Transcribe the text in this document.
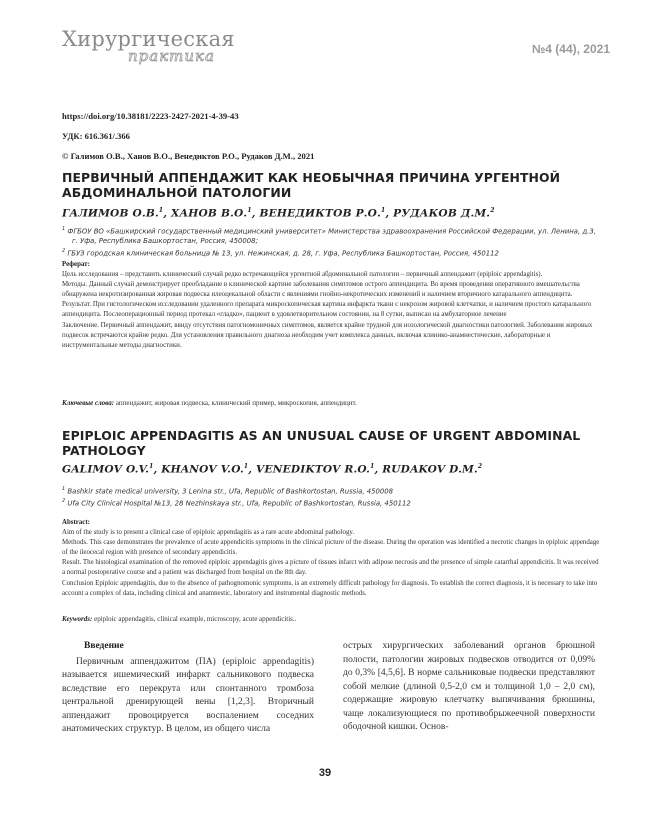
Хирургическая
практика	№4 (44), 2021
https://doi.org/10.38181/2223-2427-2021-4-39-43
УДК: 616.361/.366
© Галимов О.В., Ханов В.О., Венедиктов Р.О., Рудаков Д.М., 2021
ПЕРВИЧНЫЙ АППЕНДАЖИТ КАК НЕОБЫЧНАЯ ПРИЧИНА УРГЕНТНОЙ АБДОМИНАЛЬНОЙ ПАТОЛОГИИ
ГАЛИМОВ О.В.$^1$, ХАНОВ В.О.$^1$, ВЕНЕДИКТОВ Р.О.$^1$, РУДАКОВ Д.М.$^2$

$^1$ ФГБОУ ВО «Башкирский государственный медицинский университет» Министерства здравоохранения Российской Федерации, ул. Ленина, д.3, г. Уфа, Республика Башкортостан, Россия, 450008;

$^2$ ГБУЗ городская клиническая больница № 13, ул. Нежинская, д. 28, г. Уфа, Республика Башкортостан, Россия, 450112

Реферат:

Цель исследования – представить клинический случай редко встречающейся ургентной абдоминальной патологии – первичный аппендажит (epiploic appendagitis).

Методы. Данный случай демонстрирует преобладание в клинической картине заболевания симптомов острого аппендицита. Во время проведения оперативного вмешательства обнаружена некротизированная жировая подвеска илеоцекальной области с явлениями гнойно-некротических изменений и наличием вторичного катарального аппендицита.

Результат. При гистологическом исследовании удаленного препарата микроскопическая картина инфаркта ткани с некрозом жировой клетчатки, и наличием простого катарального аппендицита. Послеоперационный период протекал «гладко», пациент в удовлетворительном состоянии, на 8 сутки, выписан на амбулаторное лечение

Заключение. Первичный аппендажит, ввиду отсутствия патогномоничных симптомов, является крайне трудной для нозологической диагностики патологией. Заболевания жировых подвесок встречаются крайне редко. Для установления правильного диагноза необходим учет комплекса данных, включая клинико-анамнестические, лабораторные и инструментальные методы диагностики.

Ключевые слова: аппендажит, жировая подвеска, клинический пример, микроскопия, аппендицит.
EPIPLOIC APPENDAGITIS AS AN UNUSUAL CAUSE OF URGENT ABDOMINAL PATHOLOGY
GALIMOV O.V.$^1$, KHANOV V.O.$^1$, VENEDIKTOV R.O.$^1$, RUDAKOV D.M.$^2$

$^1$ Bashkir state medical university, 3 Lenina str., Ufa, Republic of Bashkortostan, Russia, 450008

$^2$ Ufa City Clinical Hospital №13, 28 Nezhinskaya str., Ufa, Republic of Bashkortostan, Russia, 450112

Abstract:

Aim of the study is to present a clinical case of epiploic appendagitis as a rare acute abdominal pathology.

Methods. This case demonstrates the prevalence of acute appendicitis symptoms in the clinical picture of the disease. During the operation was identified a necrotic changes in epiploic appendage of the ileocecal region with presence of secondary appendicitis.

Result. The histological examination of the removed epiploic appendagitis gives a picture of tissues infarct with adipose necrosis and the presence of simple catarrhal appendicitis. It was received a normal postoperative course and a patient was discharged from hospital on the 8th day.

Conclusion Epiploic appendagitis, due to the absence of pathognomonic symptoms, is an extremely difficult pathology for diagnosis. To establish the correct diagnosis, it is necessary to take into account a complex of data, including clinical and anamnestic, laboratory and instrumental diagnostic methods.

Keywords: epiploic appendagitis, clinical example, microscopy, acute appendicitis..

Введение

Первичным аппендажитом (ПА) (epiploic appendagitis) называется ишемический инфаркт сальникового подвеска вследствие его перекрута или спонтанного тромбоза центральной дренирующей вены [1,2,3]. Вторичный аппендажит провоцируется воспалением соседних анатомических структур. В целом, из общего числа

острых хирургических заболеваний органов брюшной полости, патологии жировых подвесков отводится от 0,09% до 0,3% [4,5,6]. В норме сальниковые подвески представляют собой мелкие (длиной 0,5-2,0 см и толщиной 1,0 – 2,0 см), содержащие жировую клетчатку выпячивания брюшины, чаще локализующиеся по противобрыжеечной поверхности ободочной кишки. Основ-

39
